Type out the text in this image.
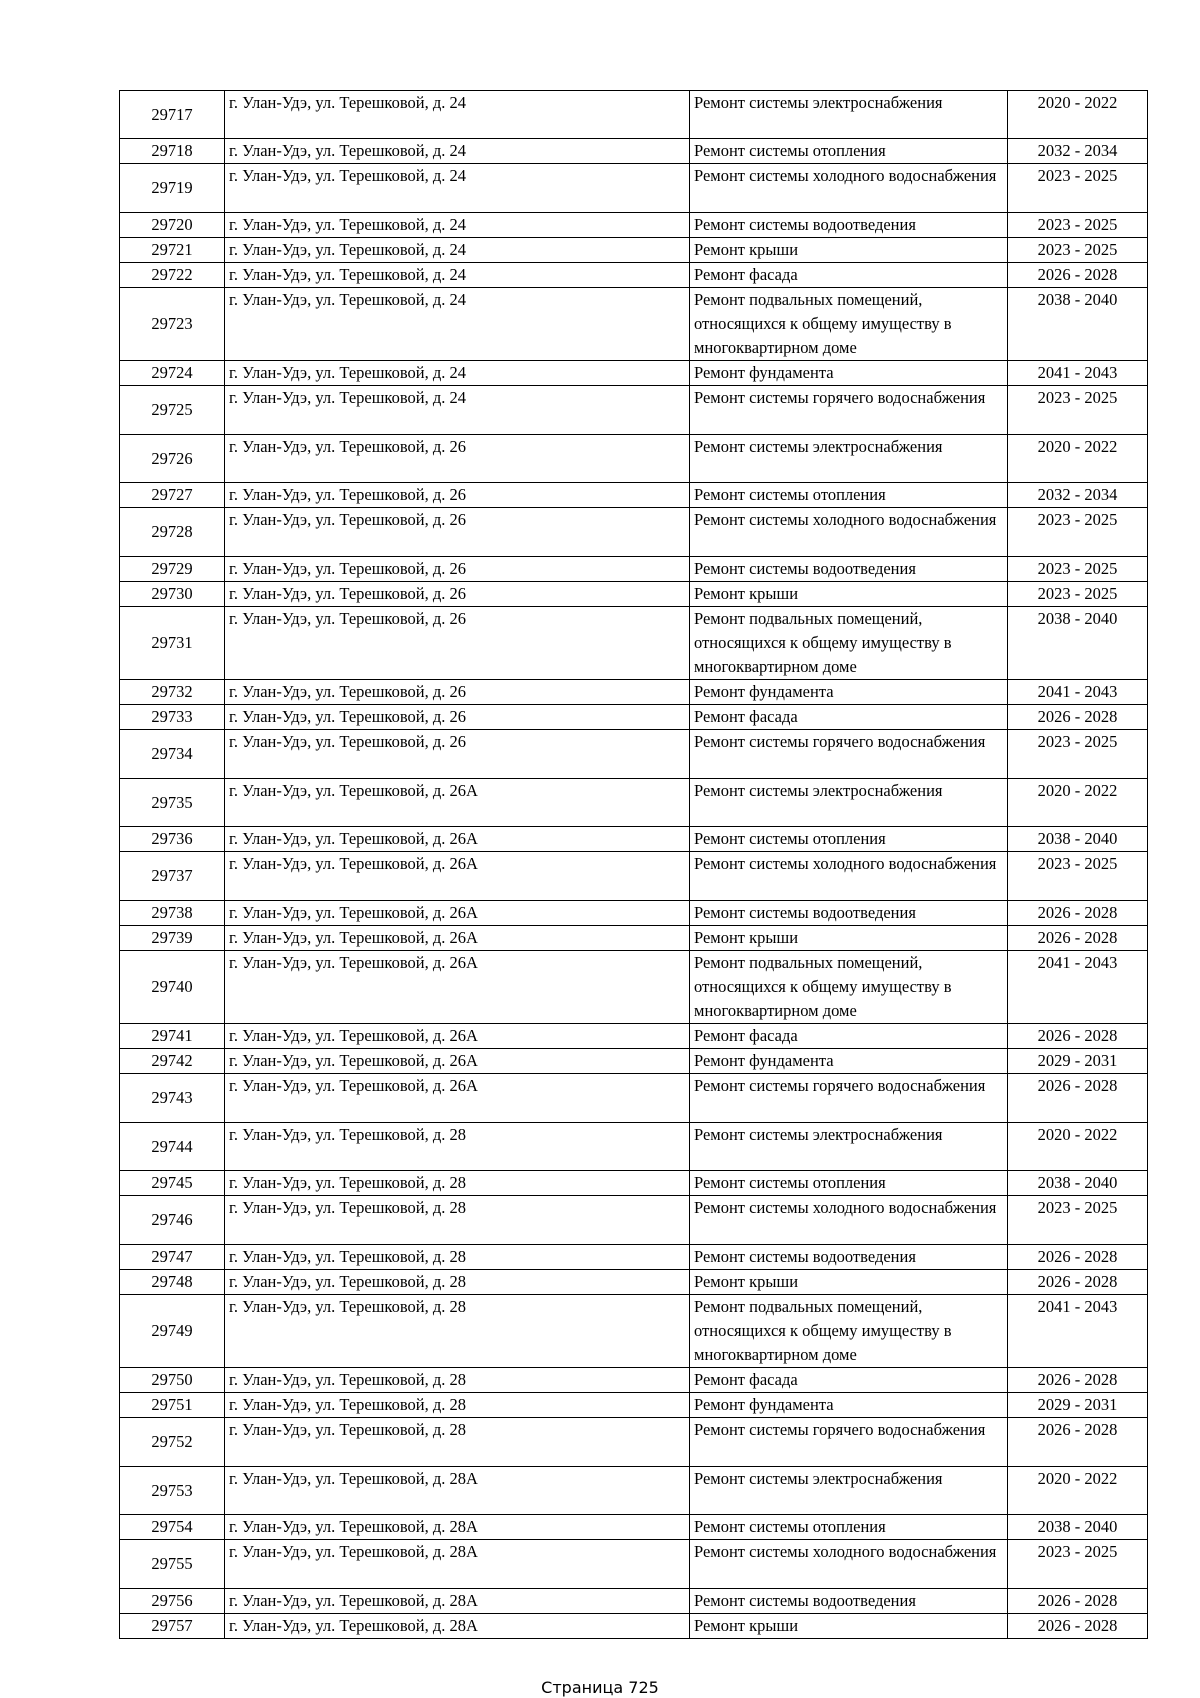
29717	г. Улан-Удэ, ул. Терешковой, д. 24	Ремонт системы электроснабжения	2020 - 2022
29718	г. Улан-Удэ, ул. Терешковой, д. 24	Ремонт системы отопления	2032 - 2034
29719	г. Улан-Удэ, ул. Терешковой, д. 24	Ремонт системы холодного водоснабжения	2023 - 2025
29720	г. Улан-Удэ, ул. Терешковой, д. 24	Ремонт системы водоотведения	2023 - 2025
29721	г. Улан-Удэ, ул. Терешковой, д. 24	Ремонт крыши	2023 - 2025
29722	г. Улан-Удэ, ул. Терешковой, д. 24	Ремонт фасада	2026 - 2028
29723	г. Улан-Удэ, ул. Терешковой, д. 24	Ремонт подвальных помещений, относящихся к общему имуществу в многоквартирном доме	2038 - 2040
29724	г. Улан-Удэ, ул. Терешковой, д. 24	Ремонт фундамента	2041 - 2043
29725	г. Улан-Удэ, ул. Терешковой, д. 24	Ремонт системы горячего водоснабжения	2023 - 2025
29726	г. Улан-Удэ, ул. Терешковой, д. 26	Ремонт системы электроснабжения	2020 - 2022
29727	г. Улан-Удэ, ул. Терешковой, д. 26	Ремонт системы отопления	2032 - 2034
29728	г. Улан-Удэ, ул. Терешковой, д. 26	Ремонт системы холодного водоснабжения	2023 - 2025
29729	г. Улан-Удэ, ул. Терешковой, д. 26	Ремонт системы водоотведения	2023 - 2025
29730	г. Улан-Удэ, ул. Терешковой, д. 26	Ремонт крыши	2023 - 2025
29731	г. Улан-Удэ, ул. Терешковой, д. 26	Ремонт подвальных помещений, относящихся к общему имуществу в многоквартирном доме	2038 - 2040
29732	г. Улан-Удэ, ул. Терешковой, д. 26	Ремонт фундамента	2041 - 2043
29733	г. Улан-Удэ, ул. Терешковой, д. 26	Ремонт фасада	2026 - 2028
29734	г. Улан-Удэ, ул. Терешковой, д. 26	Ремонт системы горячего водоснабжения	2023 - 2025
29735	г. Улан-Удэ, ул. Терешковой, д. 26А	Ремонт системы электроснабжения	2020 - 2022
29736	г. Улан-Удэ, ул. Терешковой, д. 26А	Ремонт системы отопления	2038 - 2040
29737	г. Улан-Удэ, ул. Терешковой, д. 26А	Ремонт системы холодного водоснабжения	2023 - 2025
29738	г. Улан-Удэ, ул. Терешковой, д. 26А	Ремонт системы водоотведения	2026 - 2028
29739	г. Улан-Удэ, ул. Терешковой, д. 26А	Ремонт крыши	2026 - 2028
29740	г. Улан-Удэ, ул. Терешковой, д. 26А	Ремонт подвальных помещений, относящихся к общему имуществу в многоквартирном доме	2041 - 2043
29741	г. Улан-Удэ, ул. Терешковой, д. 26А	Ремонт фасада	2026 - 2028
29742	г. Улан-Удэ, ул. Терешковой, д. 26А	Ремонт фундамента	2029 - 2031
29743	г. Улан-Удэ, ул. Терешковой, д. 26А	Ремонт системы горячего водоснабжения	2026 - 2028
29744	г. Улан-Удэ, ул. Терешковой, д. 28	Ремонт системы электроснабжения	2020 - 2022
29745	г. Улан-Удэ, ул. Терешковой, д. 28	Ремонт системы отопления	2038 - 2040
29746	г. Улан-Удэ, ул. Терешковой, д. 28	Ремонт системы холодного водоснабжения	2023 - 2025
29747	г. Улан-Удэ, ул. Терешковой, д. 28	Ремонт системы водоотведения	2026 - 2028
29748	г. Улан-Удэ, ул. Терешковой, д. 28	Ремонт крыши	2026 - 2028
29749	г. Улан-Удэ, ул. Терешковой, д. 28	Ремонт подвальных помещений, относящихся к общему имуществу в многоквартирном доме	2041 - 2043
29750	г. Улан-Удэ, ул. Терешковой, д. 28	Ремонт фасада	2026 - 2028
29751	г. Улан-Удэ, ул. Терешковой, д. 28	Ремонт фундамента	2029 - 2031
29752	г. Улан-Удэ, ул. Терешковой, д. 28	Ремонт системы горячего водоснабжения	2026 - 2028
29753	г. Улан-Удэ, ул. Терешковой, д. 28А	Ремонт системы электроснабжения	2020 - 2022
29754	г. Улан-Удэ, ул. Терешковой, д. 28А	Ремонт системы отопления	2038 - 2040
29755	г. Улан-Удэ, ул. Терешковой, д. 28А	Ремонт системы холодного водоснабжения	2023 - 2025
29756	г. Улан-Удэ, ул. Терешковой, д. 28А	Ремонт системы водоотведения	2026 - 2028
29757	г. Улан-Удэ, ул. Терешковой, д. 28А	Ремонт крыши	2026 - 2028
Страница 725
